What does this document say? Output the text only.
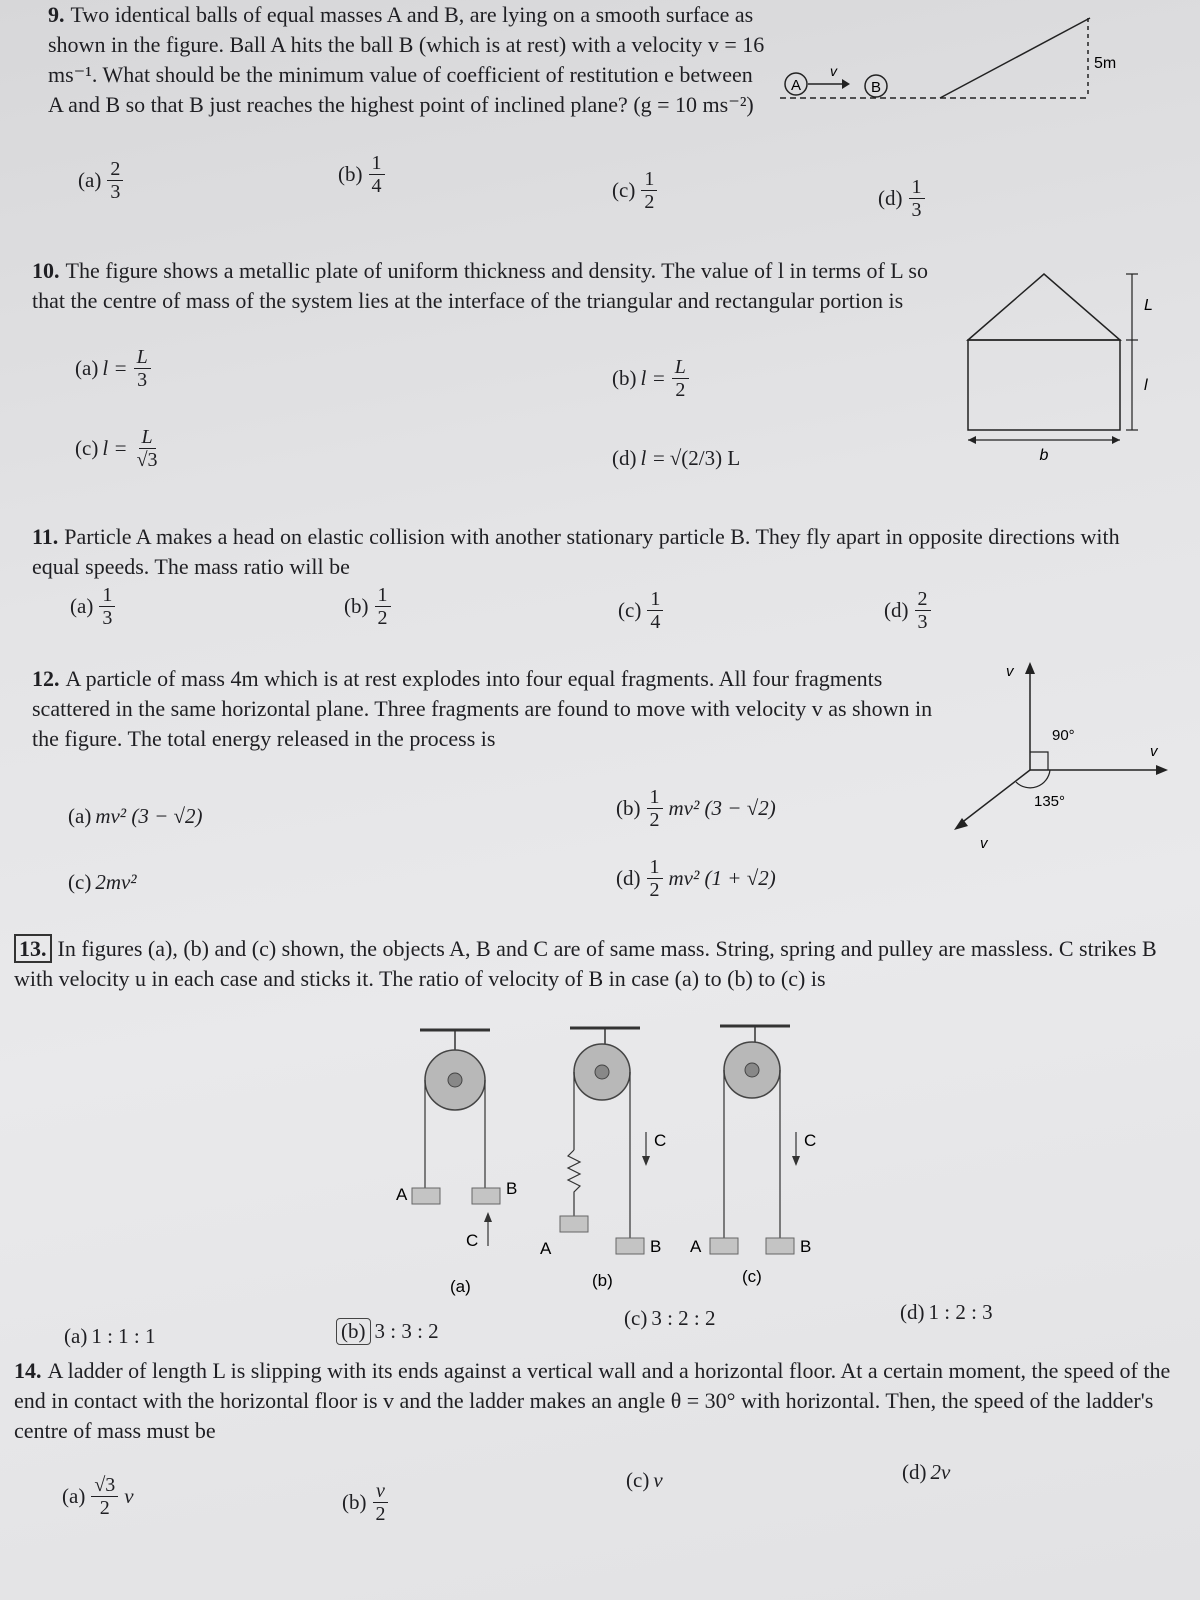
9. Two identical balls of equal masses A and B, are lying on a smooth surface as shown in the figure. Ball A hits the ball B (which is at rest) with a velocity v = 16 ms⁻¹. What should be the minimum value of coefficient of restitution e between A and B so that B just reaches the highest point of inclined plane? (g = 10 ms⁻²)
$(a) \frac{2}{3}$	$(b) \frac{1}{4}$	$(c) \frac{1}{2}$	$(d) \frac{1}{3}$
A
v
B
5m
10. The figure shows a metallic plate of uniform thickness and density. The value of l in terms of L so that the centre of mass of the system lies at the interface of the triangular and rectangular portion is
(a) $l = \frac{L}{3}$	(b) $l = \frac{L}{2}$
(c) $l = \frac{L}{√3}$	(d) l = √(2/3) L
L
l
b
11. Particle A makes a head on elastic collision with another stationary particle B. They fly apart in opposite directions with equal speeds. The mass ratio will be
$(a) \frac{1}{3}$	$(b) \frac{1}{2}$	$(c) \frac{1}{4}$	$(d) \frac{2}{3}$
12. A particle of mass 4m which is at rest explodes into four equal fragments. All four fragments scattered in the same horizontal plane. Three fragments are found to move with velocity v as shown in the figure. The total energy released in the process is
(a) mv² (3 − √2)	$(b) \frac{1}{2} mv^2$ (3 − √2)
(c) 2mv²	$(d) \frac{1}{2} mv^2$ (1 + √2)
v
v
v
90°
135°
13. In figures (a), (b) and (c) shown, the objects A, B and C are of same mass. String, spring and pulley are massless. C strikes B with velocity u in each case and sticks it. The ratio of velocity of B in case (a) to (b) to (c) is
A	B
C
(a)
A	B
C
(b)
A	B
C
(c)
(a) 1 : 1 : 1	(b) 3 : 3 : 2
(c) 3 : 2 : 2	(d) 1 : 2 : 3
14. A ladder of length L is slipping with its ends against a vertical wall and a horizontal floor. At a certain moment, the speed of the end in contact with the horizontal floor is v and the ladder makes an angle θ = 30° with horizontal. Then, the speed of the ladder's centre of mass must be
$(a) \frac{√3}{2}$ v	$(b) \frac{v}{2}$	(c) v	(d) 2v
